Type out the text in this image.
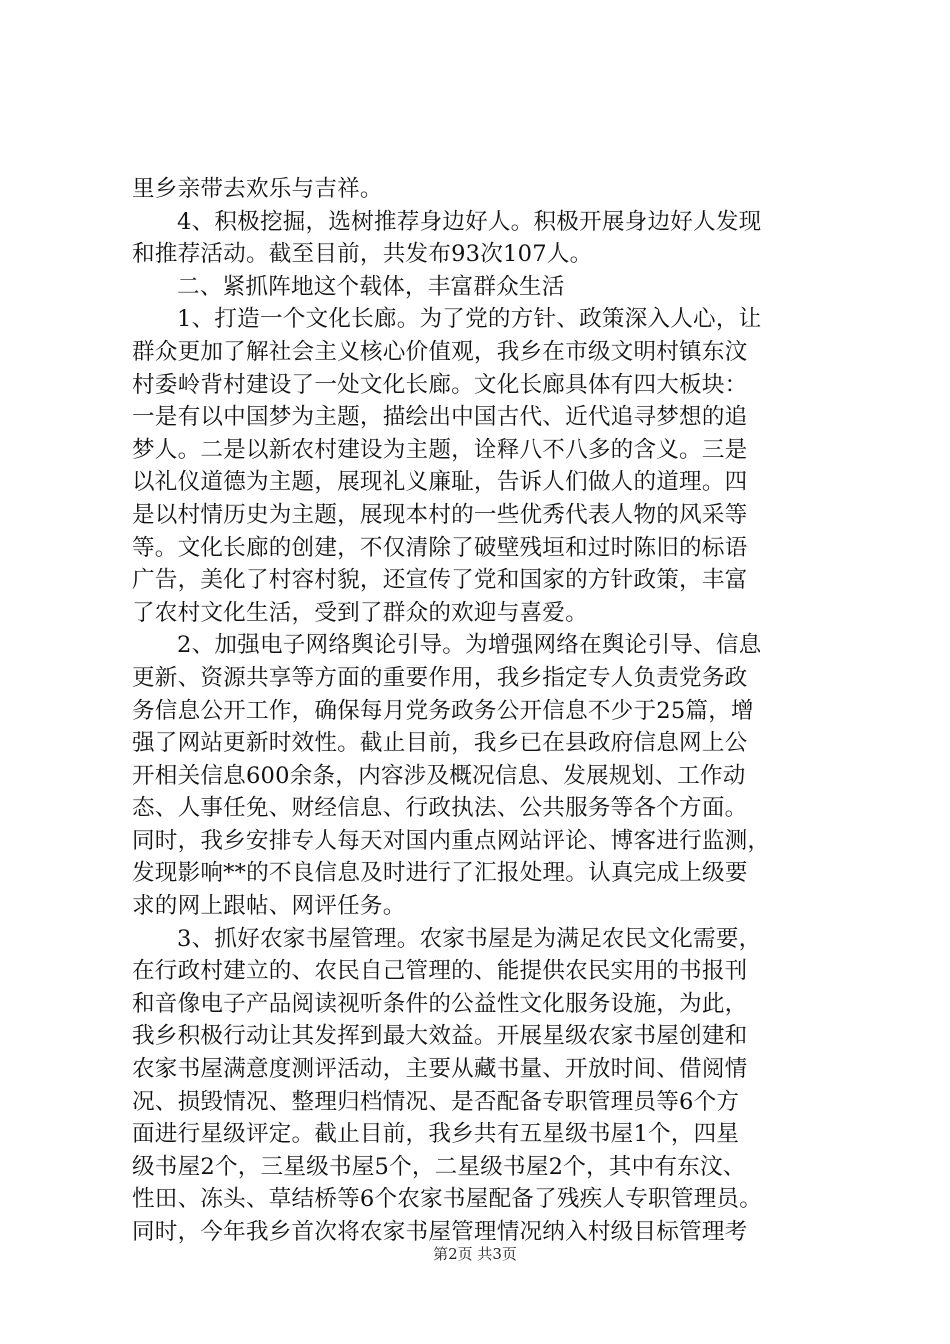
里乡亲带去欢乐与吉祥。
4、积极挖掘，选树推荐身边好人。积极开展身边好人发现
和推荐活动。截至目前，共发布93次107人。
二、紧抓阵地这个载体，丰富群众生活
1、打造一个文化长廊。为了党的方针、政策深入人心，让
群众更加了解社会主义核心价值观，我乡在市级文明村镇东汶
村委岭背村建设了一处文化长廊。文化长廊具体有四大板块：
一是有以中国梦为主题，描绘出中国古代、近代追寻梦想的追
梦人。二是以新农村建设为主题，诠释八不八多的含义。三是
以礼仪道德为主题，展现礼义廉耻，告诉人们做人的道理。四
是以村情历史为主题，展现本村的一些优秀代表人物的风采等
等。文化长廊的创建，不仅清除了破壁残垣和过时陈旧的标语
广告，美化了村容村貌，还宣传了党和国家的方针政策，丰富
了农村文化生活，受到了群众的欢迎与喜爱。
2、加强电子网络舆论引导。为增强网络在舆论引导、信息
更新、资源共享等方面的重要作用，我乡指定专人负责党务政
务信息公开工作，确保每月党务政务公开信息不少于25篇，增
强了网站更新时效性。截止目前，我乡已在县政府信息网上公
开相关信息600余条，内容涉及概况信息、发展规划、工作动
态、人事任免、财经信息、行政执法、公共服务等各个方面。
同时，我乡安排专人每天对国内重点网站评论、博客进行监测，
发现影响**的不良信息及时进行了汇报处理。认真完成上级要
求的网上跟帖、网评任务。
3、抓好农家书屋管理。农家书屋是为满足农民文化需要，
在行政村建立的、农民自己管理的、能提供农民实用的书报刊
和音像电子产品阅读视听条件的公益性文化服务设施，为此，
我乡积极行动让其发挥到最大效益。开展星级农家书屋创建和
农家书屋满意度测评活动，主要从藏书量、开放时间、借阅情
况、损毁情况、整理归档情况、是否配备专职管理员等6个方
面进行星级评定。截止目前，我乡共有五星级书屋1个，四星
级书屋2个，三星级书屋5个，二星级书屋2个，其中有东汶、
性田、冻头、草结桥等6个农家书屋配备了残疾人专职管理员。
同时，今年我乡首次将农家书屋管理情况纳入村级目标管理考
第2页 共3页
